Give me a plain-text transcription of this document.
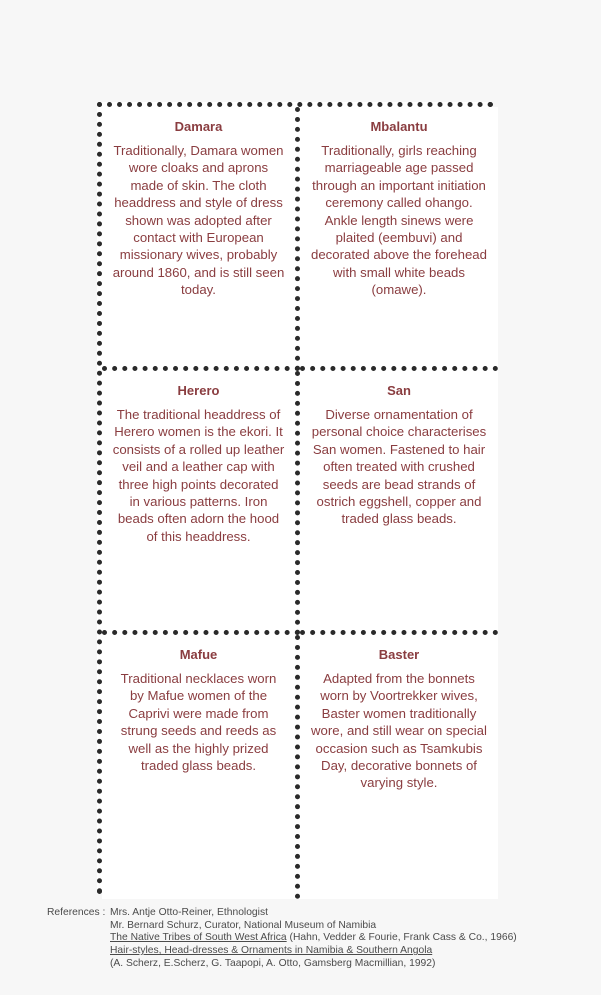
Damara
Traditionally, Damara women wore cloaks and aprons made of skin. The cloth headdress and style of dress shown was adopted after contact with European missionary wives, probably around 1860, and is still seen today.
Mbalantu
Traditionally, girls reaching marriageable age passed through an important initiation ceremony called ohango. Ankle length sinews were plaited (eembuvi) and decorated above the forehead with small white beads (omawe).
Herero
The traditional headdress of Herero women is the ekori. It consists of a rolled up leather veil and a leather cap with three high points decorated in various patterns. Iron beads often adorn the hood of this headdress.
San
Diverse ornamentation of personal choice characterises San women. Fastened to hair often treated with crushed seeds are bead strands of ostrich eggshell, copper and traded glass beads.
Mafue
Traditional necklaces worn by Mafue women of the Caprivi were made from strung seeds and reeds as well as the highly prized traded glass beads.
Baster
Adapted from the bonnets worn by Voortrekker wives, Baster women traditionally wore, and still wear on special occasion such as Tsamkubis Day, decorative bonnets of varying style.
References : Mrs. Antje Otto-Reiner, Ethnologist
Mr. Bernard Schurz, Curator, National Museum of Namibia
The Native Tribes of South West Africa (Hahn, Vedder & Fourie, Frank Cass & Co., 1966)
Hair-styles, Head-dresses & Ornaments in Namibia & Southern Angola
(A. Scherz, E.Scherz, G. Taapopi, A. Otto, Gamsberg Macmillian, 1992)
